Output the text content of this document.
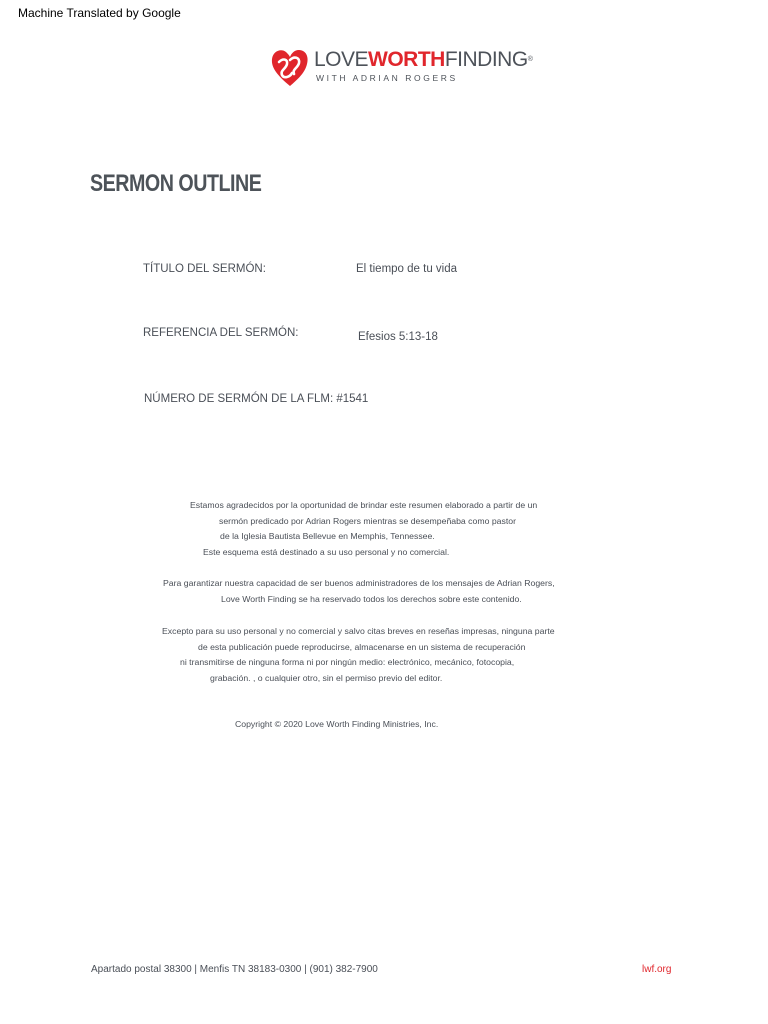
Machine Translated by Google
LOVEWORTHFINDING®
WITH ADRIAN ROGERS
SERMON OUTLINE
TÍTULO DEL SERMÓN:	El tiempo de tu vida
REFERENCIA DEL SERMÓN:	Efesios 5:13-18
NÚMERO DE SERMÓN DE LA FLM: #1541
Estamos agradecidos por la oportunidad de brindar este resumen elaborado a partir de un
sermón predicado por Adrian Rogers mientras se desempeñaba como pastor
de la Iglesia Bautista Bellevue en Memphis, Tennessee.
Este esquema está destinado a su uso personal y no comercial.
Para garantizar nuestra capacidad de ser buenos administradores de los mensajes de Adrian Rogers,
Love Worth Finding se ha reservado todos los derechos sobre este contenido.
Excepto para su uso personal y no comercial y salvo citas breves en reseñas impresas, ninguna parte
de esta publicación puede reproducirse, almacenarse en un sistema de recuperación
ni transmitirse de ninguna forma ni por ningún medio: electrónico, mecánico, fotocopia,
grabación. , o cualquier otro, sin el permiso previo del editor.
Copyright © 2020 Love Worth Finding Ministries, Inc.
Apartado postal 38300 | Menfis TN 38183-0300 | (901) 382-7900	lwf.org
